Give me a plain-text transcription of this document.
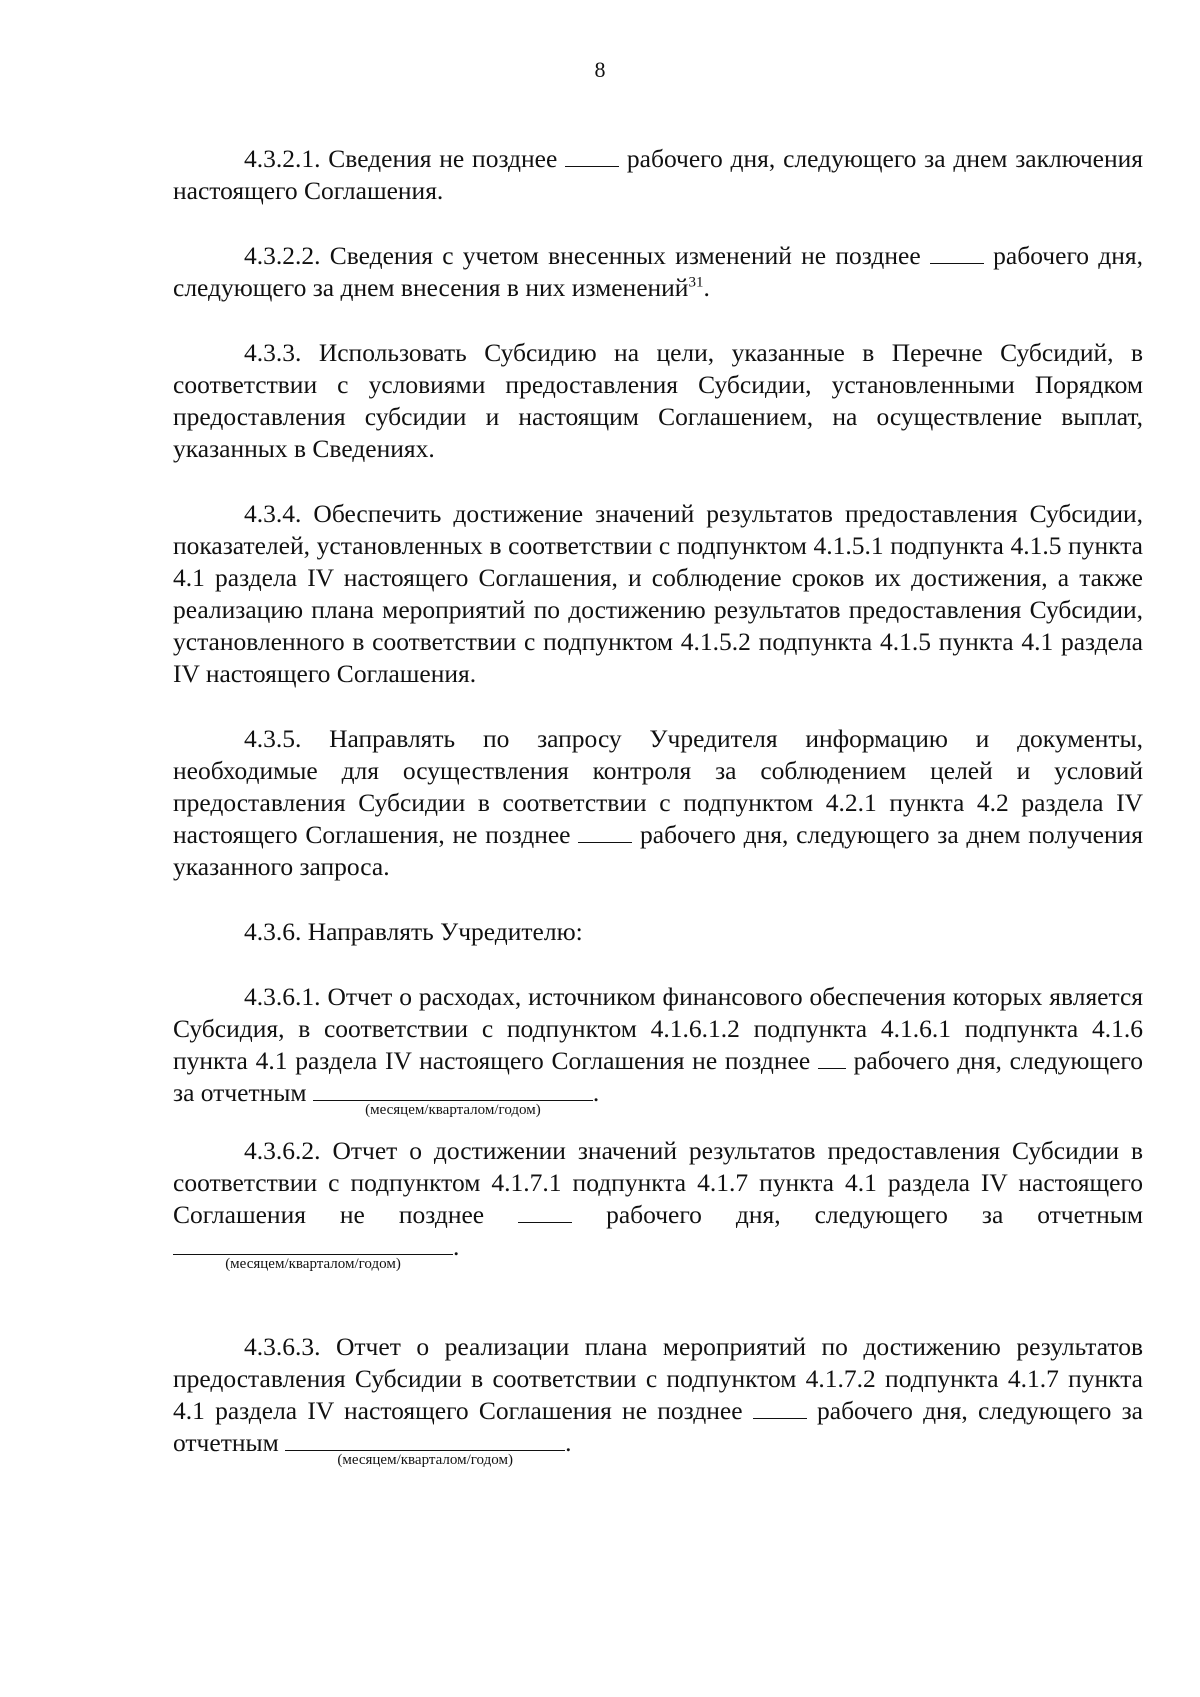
8

4.3.2.1. Сведения не позднее  рабочего дня, следующего за днем заключения настоящего Соглашения.

4.3.2.2. Сведения с учетом внесенных изменений не позднее  рабочего дня, следующего за днем внесения в них изменений$^{31}$.

4.3.3. Использовать Субсидию на цели, указанные в Перечне Субсидий, в соответствии с условиями предоставления Субсидии, установленными Порядком предоставления субсидии и настоящим Соглашением, на осуществление выплат, указанных в Сведениях.

4.3.4. Обеспечить достижение значений результатов предоставления Субсидии, показателей, установленных в соответствии с подпунктом 4.1.5.1 подпункта 4.1.5 пункта 4.1 раздела IV настоящего Соглашения, и соблюдение сроков их достижения, а также реализацию плана мероприятий по достижению результатов предоставления Субсидии, установленного в соответствии с подпунктом 4.1.5.2 подпункта 4.1.5 пункта 4.1 раздела IV настоящего Соглашения.

4.3.5. Направлять по запросу Учредителя информацию и документы, необходимые для осуществления контроля за соблюдением целей и условий предоставления Субсидии в соответствии с подпунктом 4.2.1 пункта 4.2 раздела IV настоящего Соглашения, не позднее  рабочего дня, следующего за днем получения указанного запроса.

4.3.6. Направлять Учредителю:

4.3.6.1. Отчет о расходах, источником финансового обеспечения которых является Субсидия, в соответствии с подпунктом 4.1.6.1.2 подпункта 4.1.6.1 подпункта 4.1.6 пункта 4.1 раздела IV настоящего Соглашения не позднее  рабочего дня, следующего за отчетным
(месяцем/кварталом/годом)
.

4.3.6.2. Отчет о достижении значений результатов предоставления Субсидии в соответствии с подпунктом 4.1.7.1 подпункта 4.1.7 пункта 4.1 раздела IV настоящего Соглашения не позднее  рабочего дня, следующего за отчетным
(месяцем/кварталом/годом)
.

4.3.6.3. Отчет о реализации плана мероприятий по достижению результатов предоставления Субсидии в соответствии с подпунктом 4.1.7.2 подпункта 4.1.7 пункта 4.1 раздела IV настоящего Соглашения не позднее  рабочего дня, следующего за отчетным
(месяцем/кварталом/годом)
.
